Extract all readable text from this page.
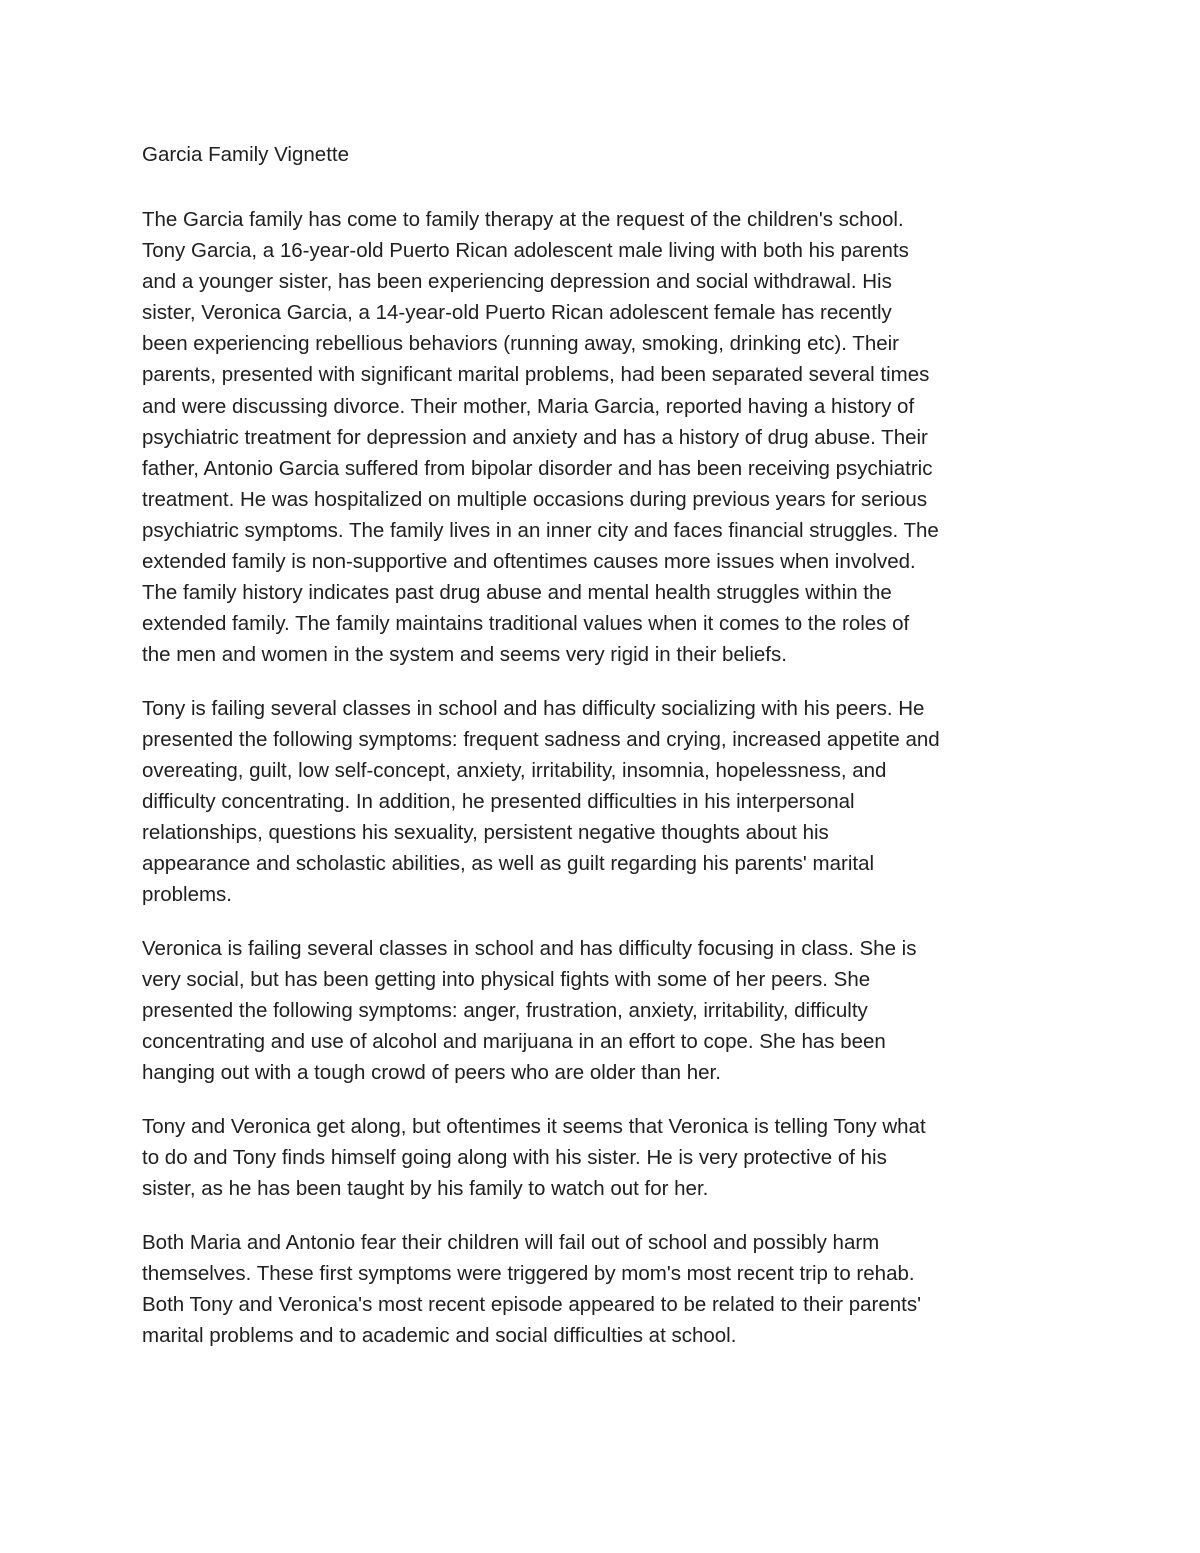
Garcia Family Vignette

The Garcia family has come to family therapy at the request of the children's school.
Tony Garcia, a 16-year-old Puerto Rican adolescent male living with both his parents
and a younger sister, has been experiencing depression and social withdrawal. His
sister, Veronica Garcia, a 14-year-old Puerto Rican adolescent female has recently
been experiencing rebellious behaviors (running away, smoking, drinking etc). Their
parents, presented with significant marital problems, had been separated several times
and were discussing divorce. Their mother, Maria Garcia, reported having a history of
psychiatric treatment for depression and anxiety and has a history of drug abuse. Their
father, Antonio Garcia suffered from bipolar disorder and has been receiving psychiatric
treatment. He was hospitalized on multiple occasions during previous years for serious
psychiatric symptoms. The family lives in an inner city and faces financial struggles. The
extended family is non-supportive and oftentimes causes more issues when involved.
The family history indicates past drug abuse and mental health struggles within the
extended family. The family maintains traditional values when it comes to the roles of
the men and women in the system and seems very rigid in their beliefs.

Tony is failing several classes in school and has difficulty socializing with his peers. He
presented the following symptoms: frequent sadness and crying, increased appetite and
overeating, guilt, low self-concept, anxiety, irritability, insomnia, hopelessness, and
difficulty concentrating. In addition, he presented difficulties in his interpersonal
relationships, questions his sexuality, persistent negative thoughts about his
appearance and scholastic abilities, as well as guilt regarding his parents' marital
problems.

Veronica is failing several classes in school and has difficulty focusing in class. She is
very social, but has been getting into physical fights with some of her peers. She
presented the following symptoms: anger, frustration, anxiety, irritability, difficulty
concentrating and use of alcohol and marijuana in an effort to cope. She has been
hanging out with a tough crowd of peers who are older than her.

Tony and Veronica get along, but oftentimes it seems that Veronica is telling Tony what
to do and Tony finds himself going along with his sister. He is very protective of his
sister, as he has been taught by his family to watch out for her.

Both Maria and Antonio fear their children will fail out of school and possibly harm
themselves. These first symptoms were triggered by mom's most recent trip to rehab.
Both Tony and Veronica's most recent episode appeared to be related to their parents'
marital problems and to academic and social difficulties at school.
